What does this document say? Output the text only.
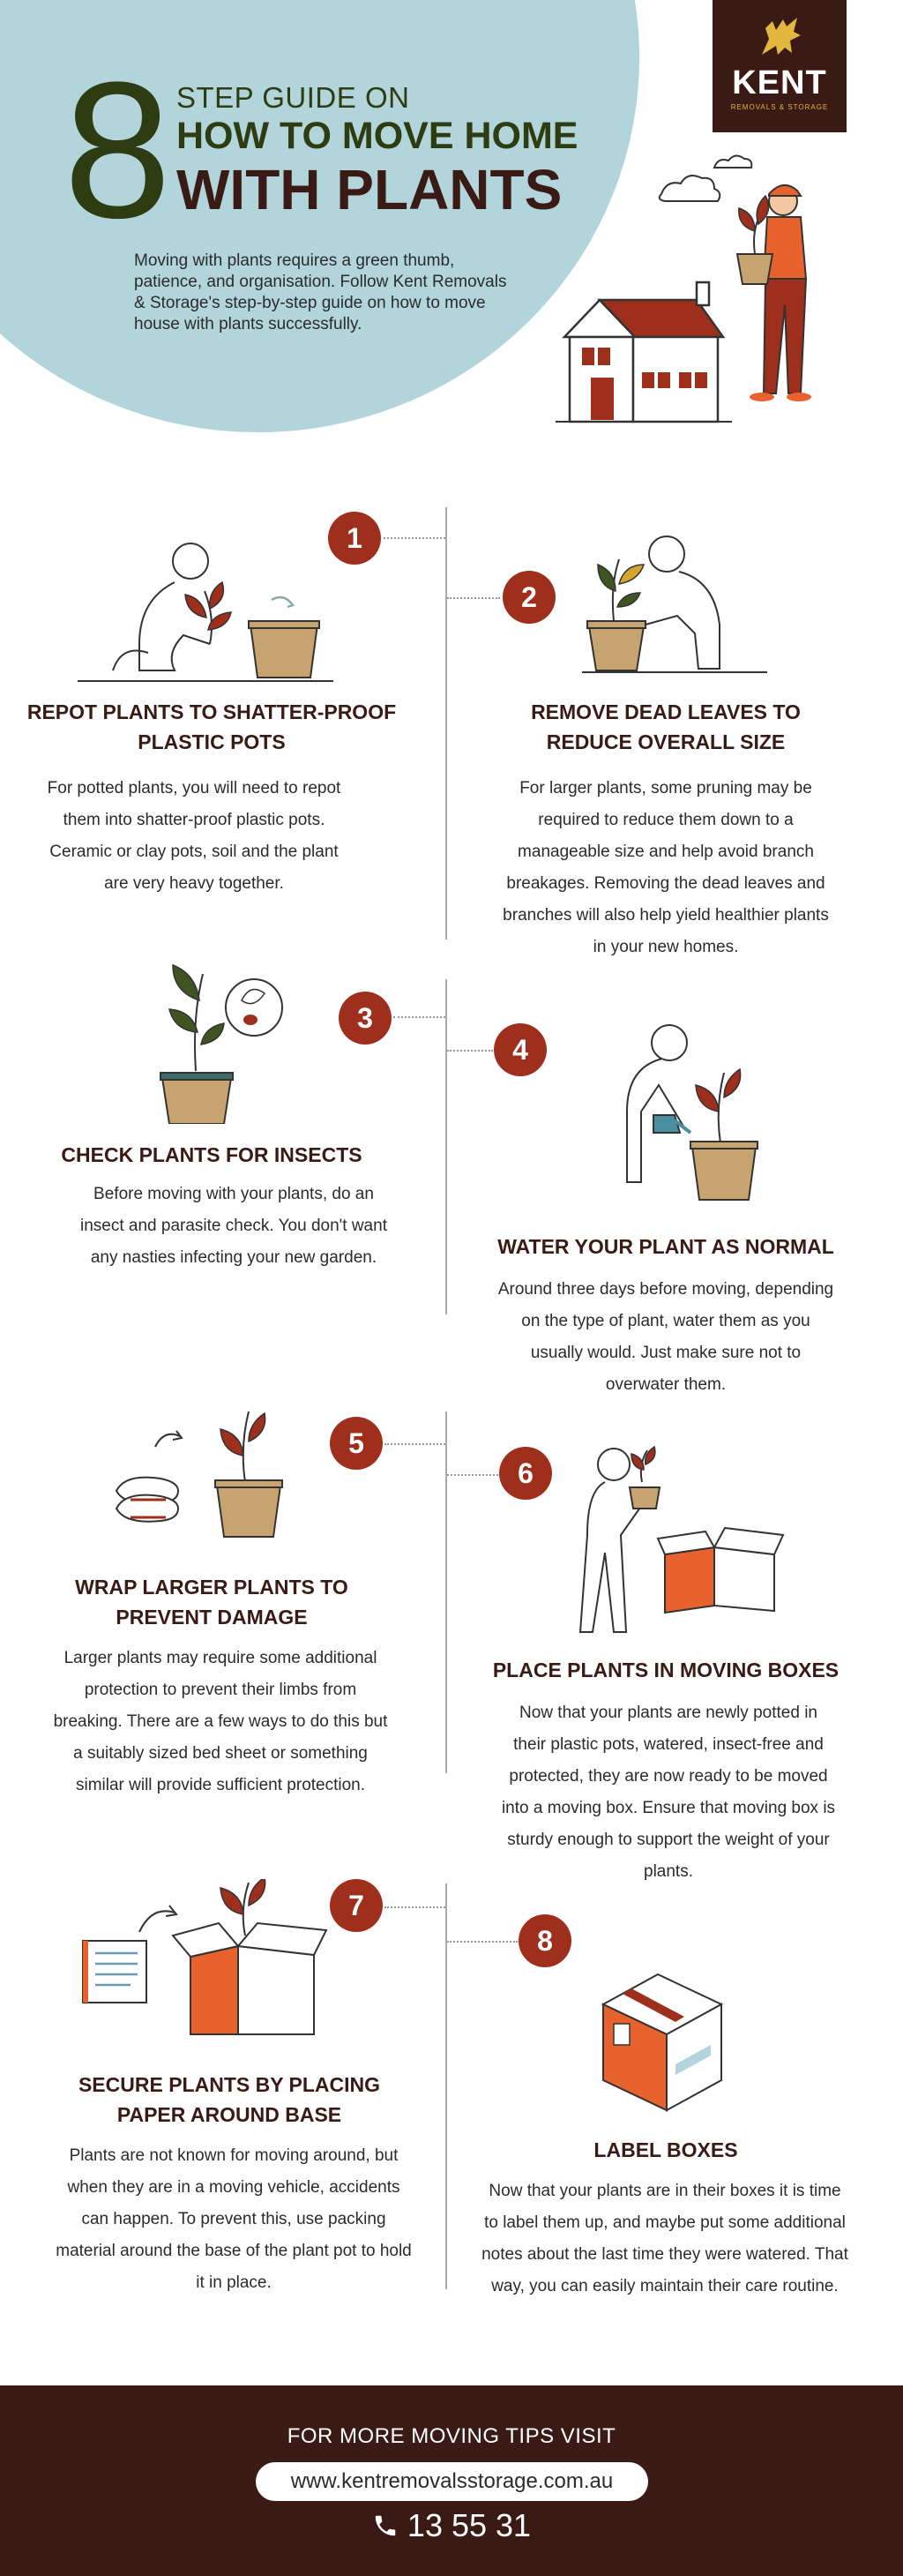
8 STEP GUIDE ON
HOW TO MOVE HOME
WITH PLANTS
Moving with plants requires a green thumb, patience, and organisation. Follow Kent Removals & Storage's step-by-step guide on how to move house with plants successfully.
KENT
REMOVALS & STORAGE
1
REPOT PLANTS TO SHATTER-PROOF PLASTIC POTS
For potted plants, you will need to repot them into shatter-proof plastic pots. Ceramic or clay pots, soil and the plant are very heavy together.
2
REMOVE DEAD LEAVES TO REDUCE OVERALL SIZE
For larger plants, some pruning may be required to reduce them down to a manageable size and help avoid branch breakages. Removing the dead leaves and branches will also help yield healthier plants in your new homes.
3
CHECK PLANTS FOR INSECTS
Before moving with your plants, do an insect and parasite check. You don't want any nasties infecting your new garden.
4
WATER YOUR PLANT AS NORMAL
Around three days before moving, depending on the type of plant, water them as you usually would. Just make sure not to overwater them.
5
WRAP LARGER PLANTS TO PREVENT DAMAGE
Larger plants may require some additional protection to prevent their limbs from breaking. There are a few ways to do this but a suitably sized bed sheet or something similar will provide sufficient protection.
6
PLACE PLANTS IN MOVING BOXES
Now that your plants are newly potted in their plastic pots, watered, insect-free and protected, they are now ready to be moved into a moving box. Ensure that moving box is sturdy enough to support the weight of your plants.
7
SECURE PLANTS BY PLACING PAPER AROUND BASE
Plants are not known for moving around, but when they are in a moving vehicle, accidents can happen. To prevent this, use packing material around the base of the plant pot to hold it in place.
8
LABEL BOXES
Now that your plants are in their boxes it is time to label them up, and maybe put some additional notes about the last time they were watered. That way, you can easily maintain their care routine.
FOR MORE MOVING TIPS VISIT
www.kentremovalsstorage.com.au
13 55 31
